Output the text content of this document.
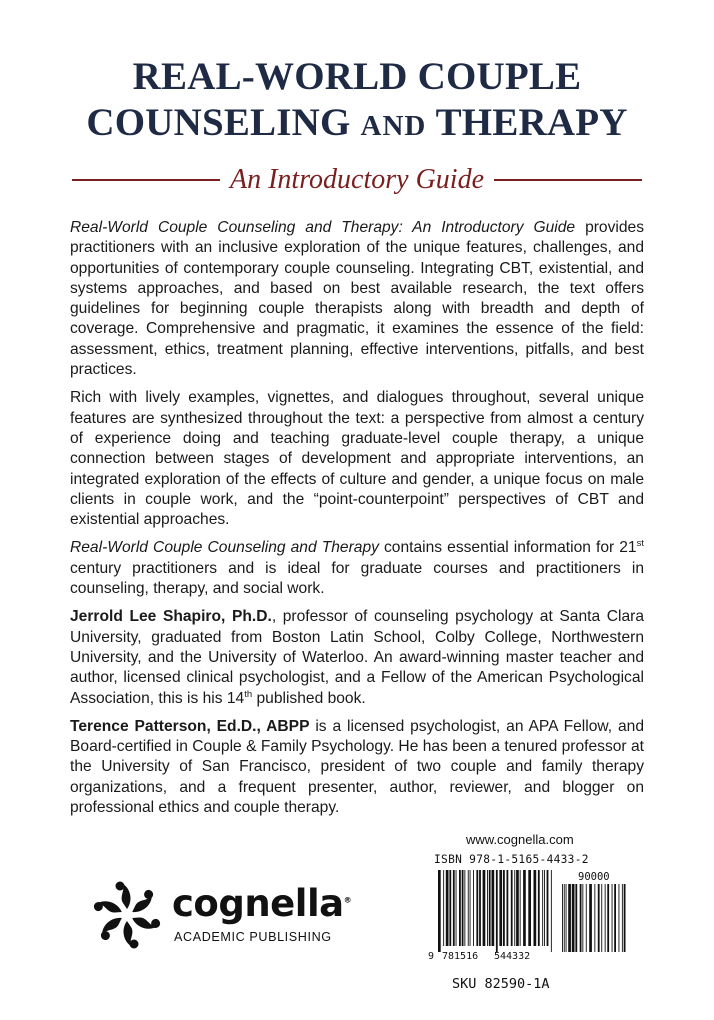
REAL-WORLD COUPLE
COUNSELING AND THERAPY
An Introductory Guide

Real-World Couple Counseling and Therapy: An Introductory Guide provides practitioners with an inclusive exploration of the unique features, challenges, and opportunities of contemporary couple counseling. Integrating CBT, existential, and systems approaches, and based on best available research, the text offers guidelines for beginning couple therapists along with breadth and depth of coverage. Comprehensive and pragmatic, it examines the essence of the field: assessment, ethics, treatment planning, effective interventions, pitfalls, and best practices.

Rich with lively examples, vignettes, and dialogues throughout, several unique features are synthesized throughout the text: a perspective from almost a century of experience doing and teaching graduate-level couple therapy, a unique connection between stages of development and appropriate interventions, an integrated exploration of the effects of culture and gender, a unique focus on male clients in couple work, and the “point-counterpoint” perspectives of CBT and existential approaches.

Real-World Couple Counseling and Therapy contains essential information for 21st century practitioners and is ideal for graduate courses and practitioners in counseling, therapy, and social work.

Jerrold Lee Shapiro, Ph.D., professor of counseling psychology at Santa Clara University, graduated from Boston Latin School, Colby College, Northwestern University, and the University of Waterloo. An award-winning master teacher and author, licensed clinical psychologist, and a Fellow of the American Psychological Association, this is his 14th published book.

Terence Patterson, Ed.D., ABPP is a licensed psychologist, an APA Fellow, and Board-certified in Couple & Family Psychology. He has been a tenured professor at the University of San Francisco, president of two couple and family therapy organizations, and a frequent presenter, author, reviewer, and blogger on professional ethics and couple therapy.

cognella®
ACADEMIC PUBLISHING
www.cognella.com
ISBN 978-1-5165-4433-2
90000
9 781516 544332
SKU 82590-1A
